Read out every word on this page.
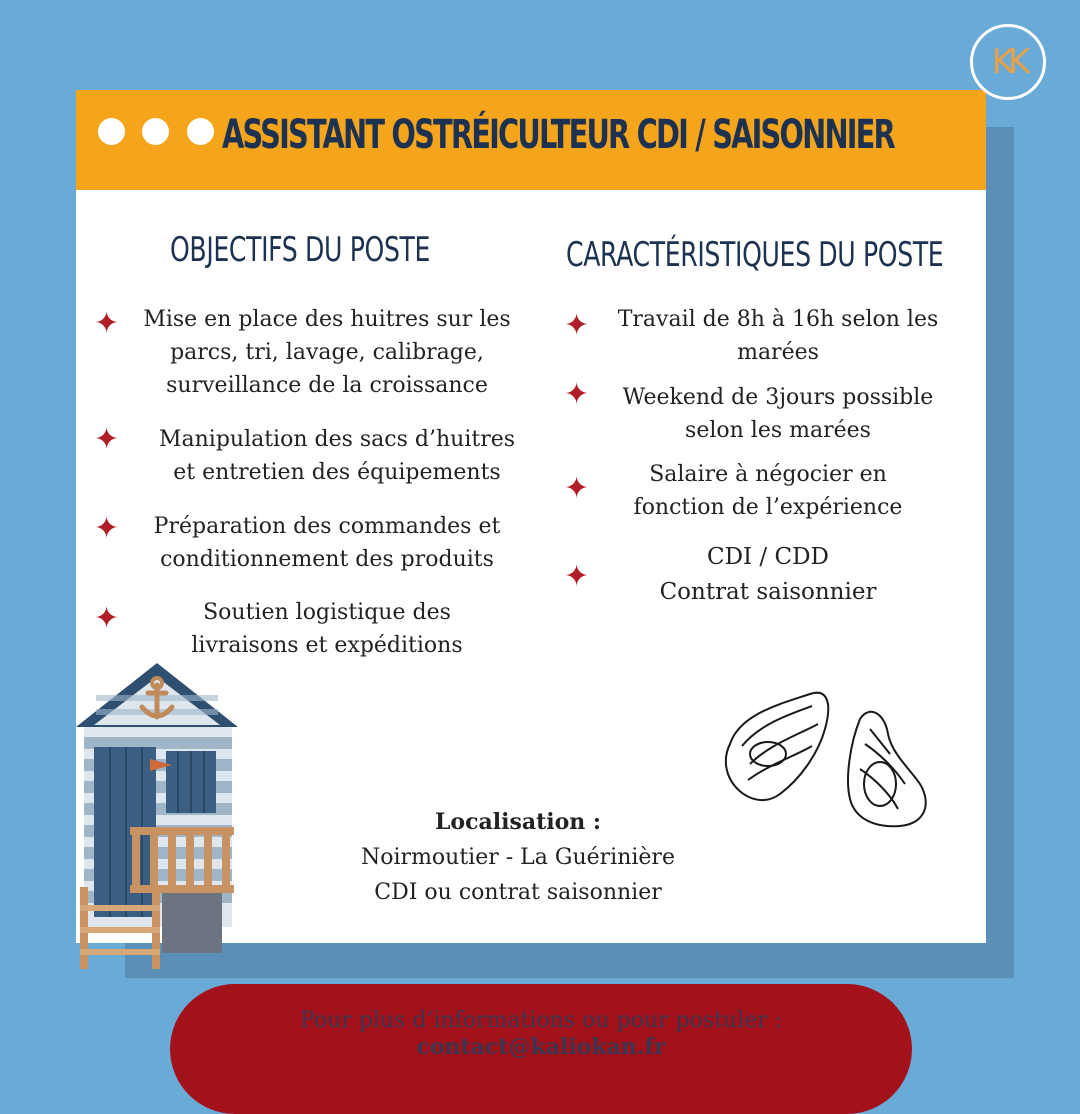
ASSISTANT OSTRÉICULTEUR CDI / SAISONNIER
OBJECTIFS DU POSTE
✦	Mise en place des huitres sur les
parcs, tri, lavage, calibrage,
surveillance de la croissance
✦	Manipulation des sacs d’huitres
et entretien des équipements
✦	Préparation des commandes et
conditionnement des produits
✦	Soutien logistique des
livraisons et expéditions
CARACTÉRISTIQUES DU POSTE
✦	Travail de 8h à 16h selon les
marées
✦	Weekend de 3jours possible
selon les marées
✦	Salaire à négocier en
fonction de l’expérience
✦
CDI / CDD
Contrat saisonnier
Localisation :
Noirmoutier - La Guérinière
CDI ou contrat saisonnier
KK
Pour plus d’informations ou pour postuler :
contact@kaliokan.fr
